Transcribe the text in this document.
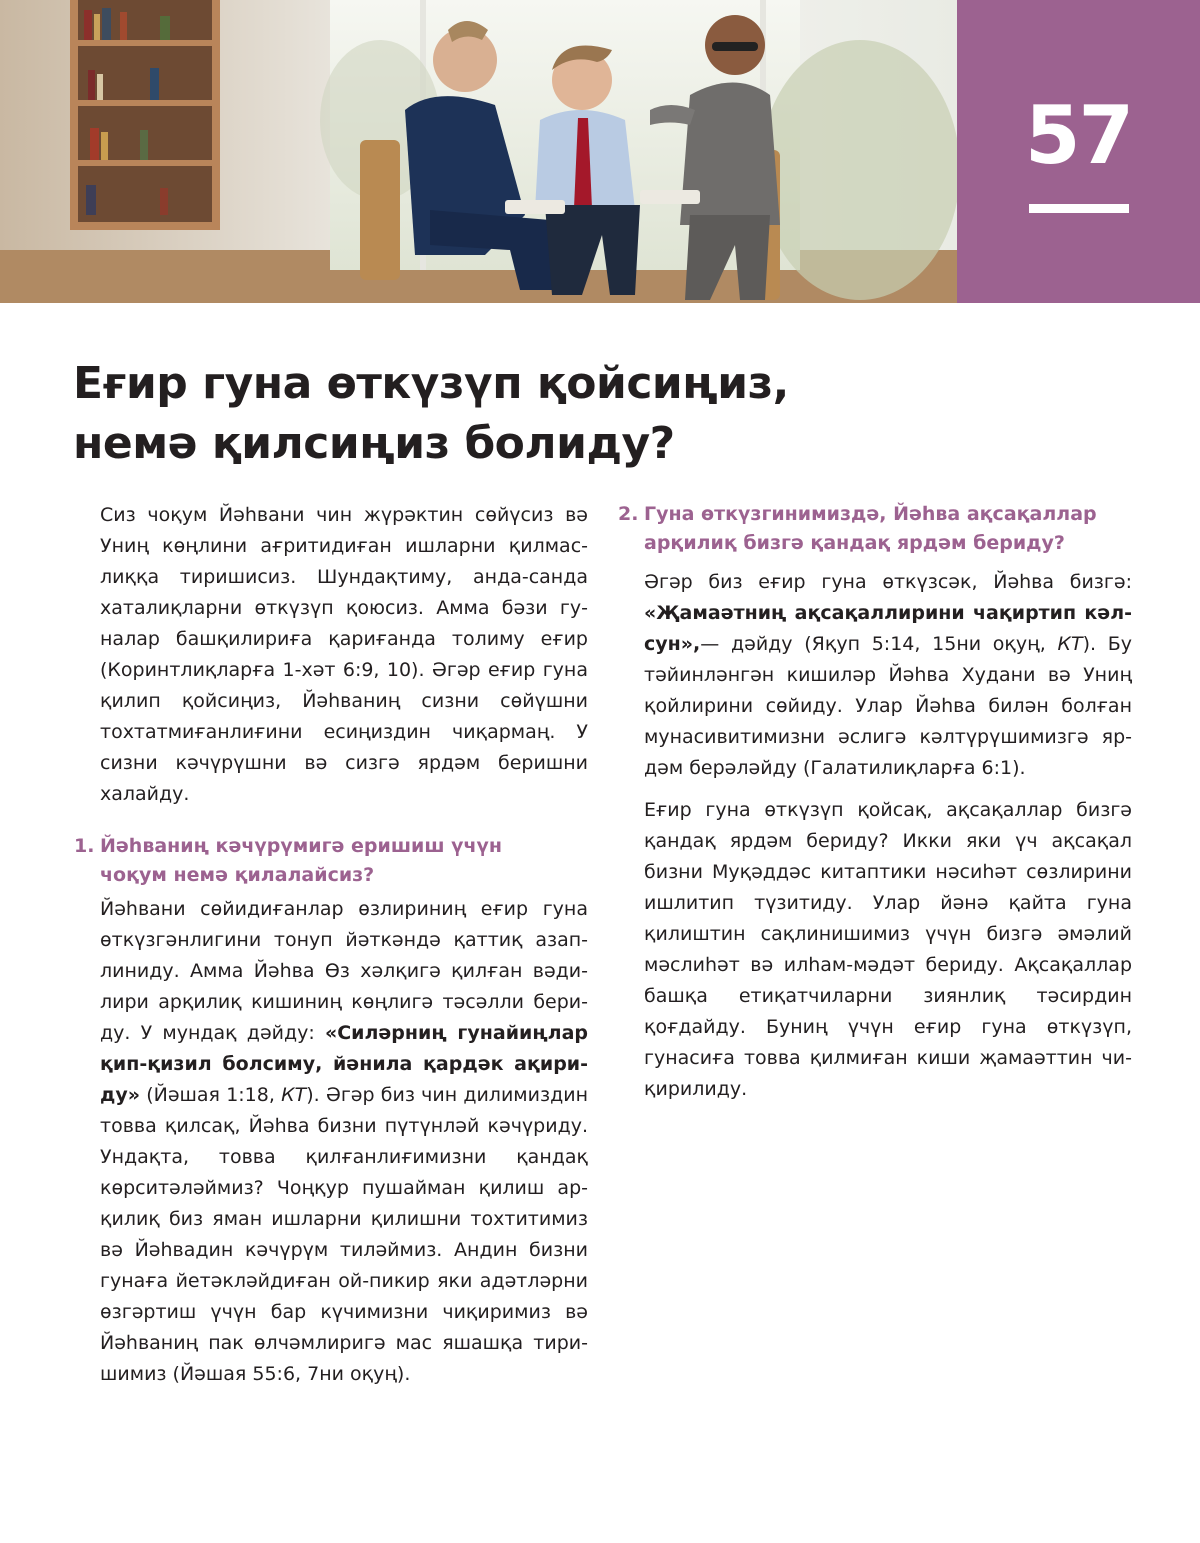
57
Еғир гуна өткүзүп қойсиңиз,
немә қилсиңиз болиду?

Сиз чоқум Йәһвани чин жүрәктин сөйүсиз вә Униң көңлини ағритидиған ишларни қилмаслиққа тиришисиз. Шундақтиму, анда-санда хаталиқларни өткүзүп қоюсиз. Амма бәзи гуналар башқилириға қариғанда толиму еғир (Коринтлиқларға 1-хәт 6:9, 10). Әгәр еғир гуна қилип қойсиңиз, Йәһваниң сизни сөйүшни тохтатмиғанлиғини есиңиздин чиқармаң. У сизни кәчүрүшни вә сизгә ярдәм беришни халайду.

1. Йәһваниң кәчүрүмигә еришиш үчүн
чоқум немә қилалайсиз?

Йәһвани сөйидиғанлар өзлириниң еғир гуна өткүзгәнлигини тонуп йәткәндә қаттиқ азаплиниду. Амма Йәһва Өз хәлқигә қилған вәдилири арқилиқ кишиниң көңлигә тәсәлли бериду. У мундақ дәйду: «Силәрниң гунайиңлар қип-қизил болсиму, йәнила қардәк ақириду» (Йәшая 1:18, КТ). Әгәр биз чин дилимиздин товва қилсақ, Йәһва бизни пүтүнләй кәчүриду. Ундақта, товва қилғанлиғимизни қандақ көрситәләймиз? Чоңқур пушайман қилиш арқилиқ биз яман ишларни қилишни тохтитимиз вә Йәһвадин кәчүрүм тиләймиз. Андин бизни гунаға йетәкләйдиған ой-пикир яки адәтләрни өзгәртиш үчүн бар күчимизни чиқиримиз вә Йәһваниң пак өлчәмлиригә мас яшашқа тиришимиз (Йәшая 55:6, 7ни оқуң).

2. Гуна өткүзгинимиздә, Йәһва ақсақаллар
арқилиқ бизгә қандақ ярдәм бериду?

Әгәр биз еғир гуна өткүзсәк, Йәһва бизгә: «Җамаәтниң ақсақаллирини чақиртип кәлсун»,— дәйду (Яқуп 5:14, 15ни оқуң, КТ). Бу тәйинләнгән кишиләр Йәһва Худани вә Униң қойлирини сөйиду. Улар Йәһва билән болған мунасивитимизни әслигә кәлтүрүшимизгә ярдәм берәләйду (Галатилиқларға 6:1).

Еғир гуна өткүзүп қойсақ, ақсақаллар бизгә қандақ ярдәм бериду? Икки яки үч ақсақал бизни Муқәддәс китаптики нәсиһәт сөзлирини ишлитип түзитиду. Улар йәнә қайта гуна қилиштин сақлинишимиз үчүн бизгә әмәлий мәслиһәт вә илһам-мәдәт бериду. Ақсақаллар башқа етиқатчиларни зиянлиқ тәсирдин қоғдайду. Буниң үчүн еғир гуна өткүзүп, гунасиға товва қилмиған киши җамаәттин чиқирилиду.
